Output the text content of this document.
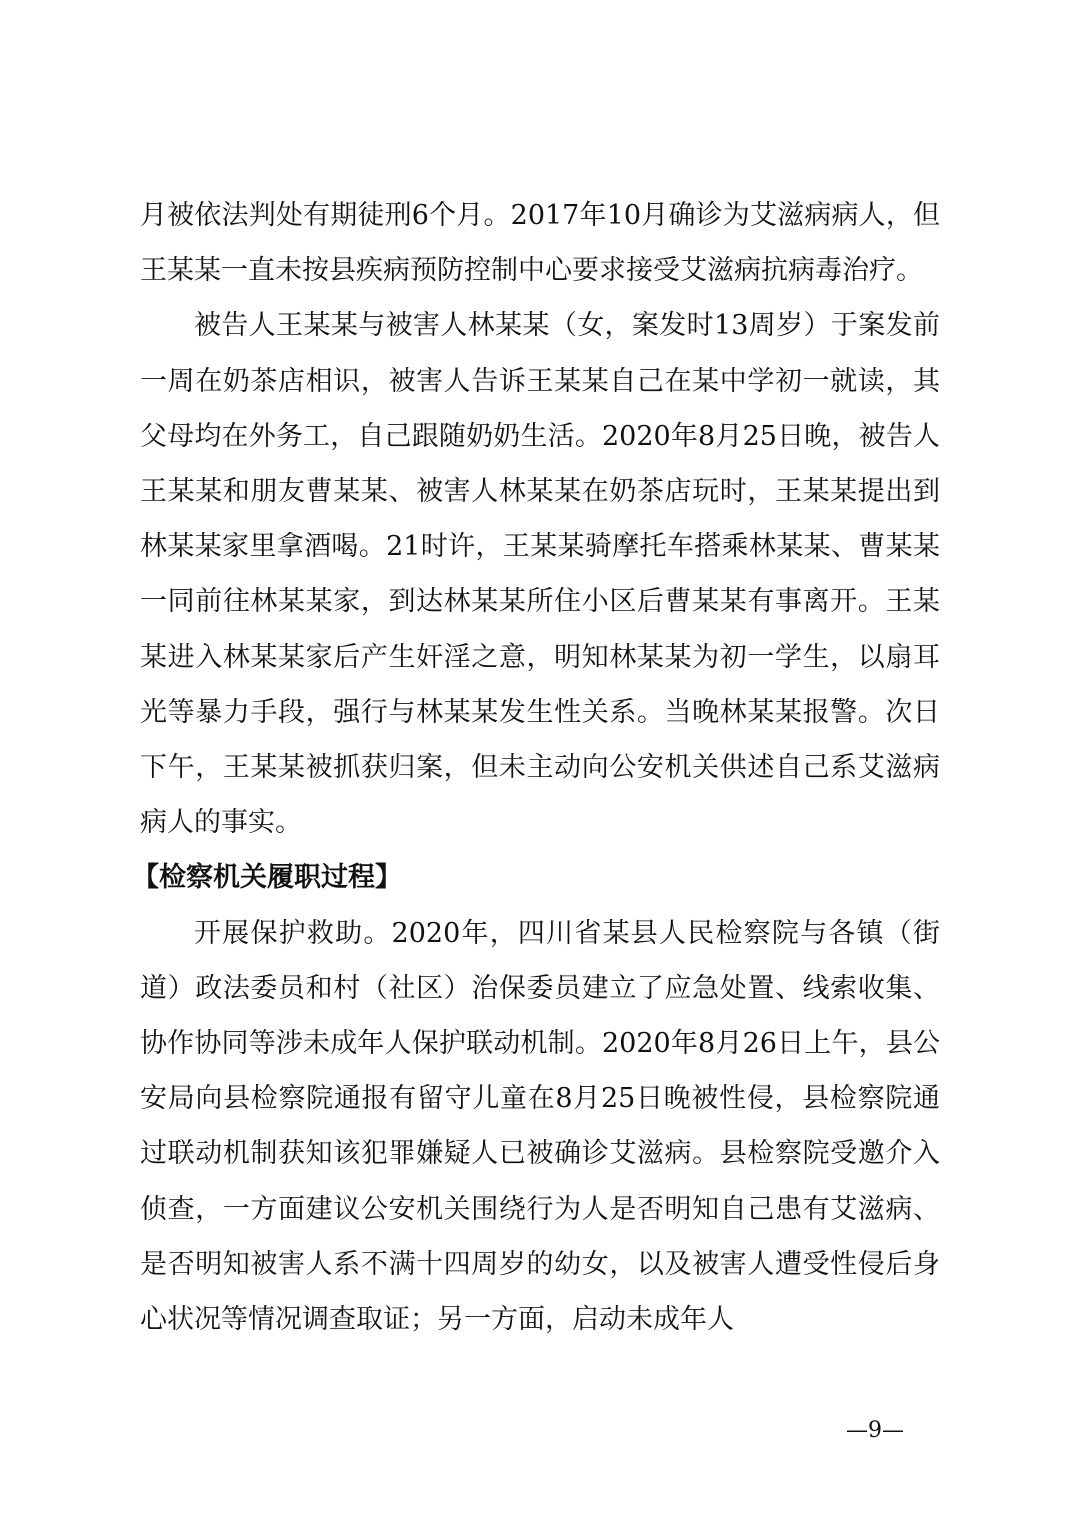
月被依法判处有期徒刑6个月。2017年10月确诊为艾滋病病人，但王某某一直未按县疾病预防控制中心要求接受艾滋病抗病毒治疗。

被告人王某某与被害人林某某（女，案发时13周岁）于案发前一周在奶茶店相识，被害人告诉王某某自己在某中学初一就读，其父母均在外务工，自己跟随奶奶生活。2020年8月25日晚，被告人王某某和朋友曹某某、被害人林某某在奶茶店玩时，王某某提出到林某某家里拿酒喝。21时许，王某某骑摩托车搭乘林某某、曹某某一同前往林某某家，到达林某某所住小区后曹某某有事离开。王某某进入林某某家后产生奸淫之意，明知林某某为初一学生，以扇耳光等暴力手段，强行与林某某发生性关系。当晚林某某报警。次日下午，王某某被抓获归案，但未主动向公安机关供述自己系艾滋病病人的事实。

【检察机关履职过程】

开展保护救助。2020年，四川省某县人民检察院与各镇（街道）政法委员和村（社区）治保委员建立了应急处置、线索收集、协作协同等涉未成年人保护联动机制。2020年8月26日上午，县公安局向县检察院通报有留守儿童在8月25日晚被性侵，县检察院通过联动机制获知该犯罪嫌疑人已被确诊艾滋病。县检察院受邀介入侦查，一方面建议公安机关围绕行为人是否明知自己患有艾滋病、是否明知被害人系不满十四周岁的幼女，以及被害人遭受性侵后身心状况等情况调查取证；另一方面，启动未成年人

—9—
